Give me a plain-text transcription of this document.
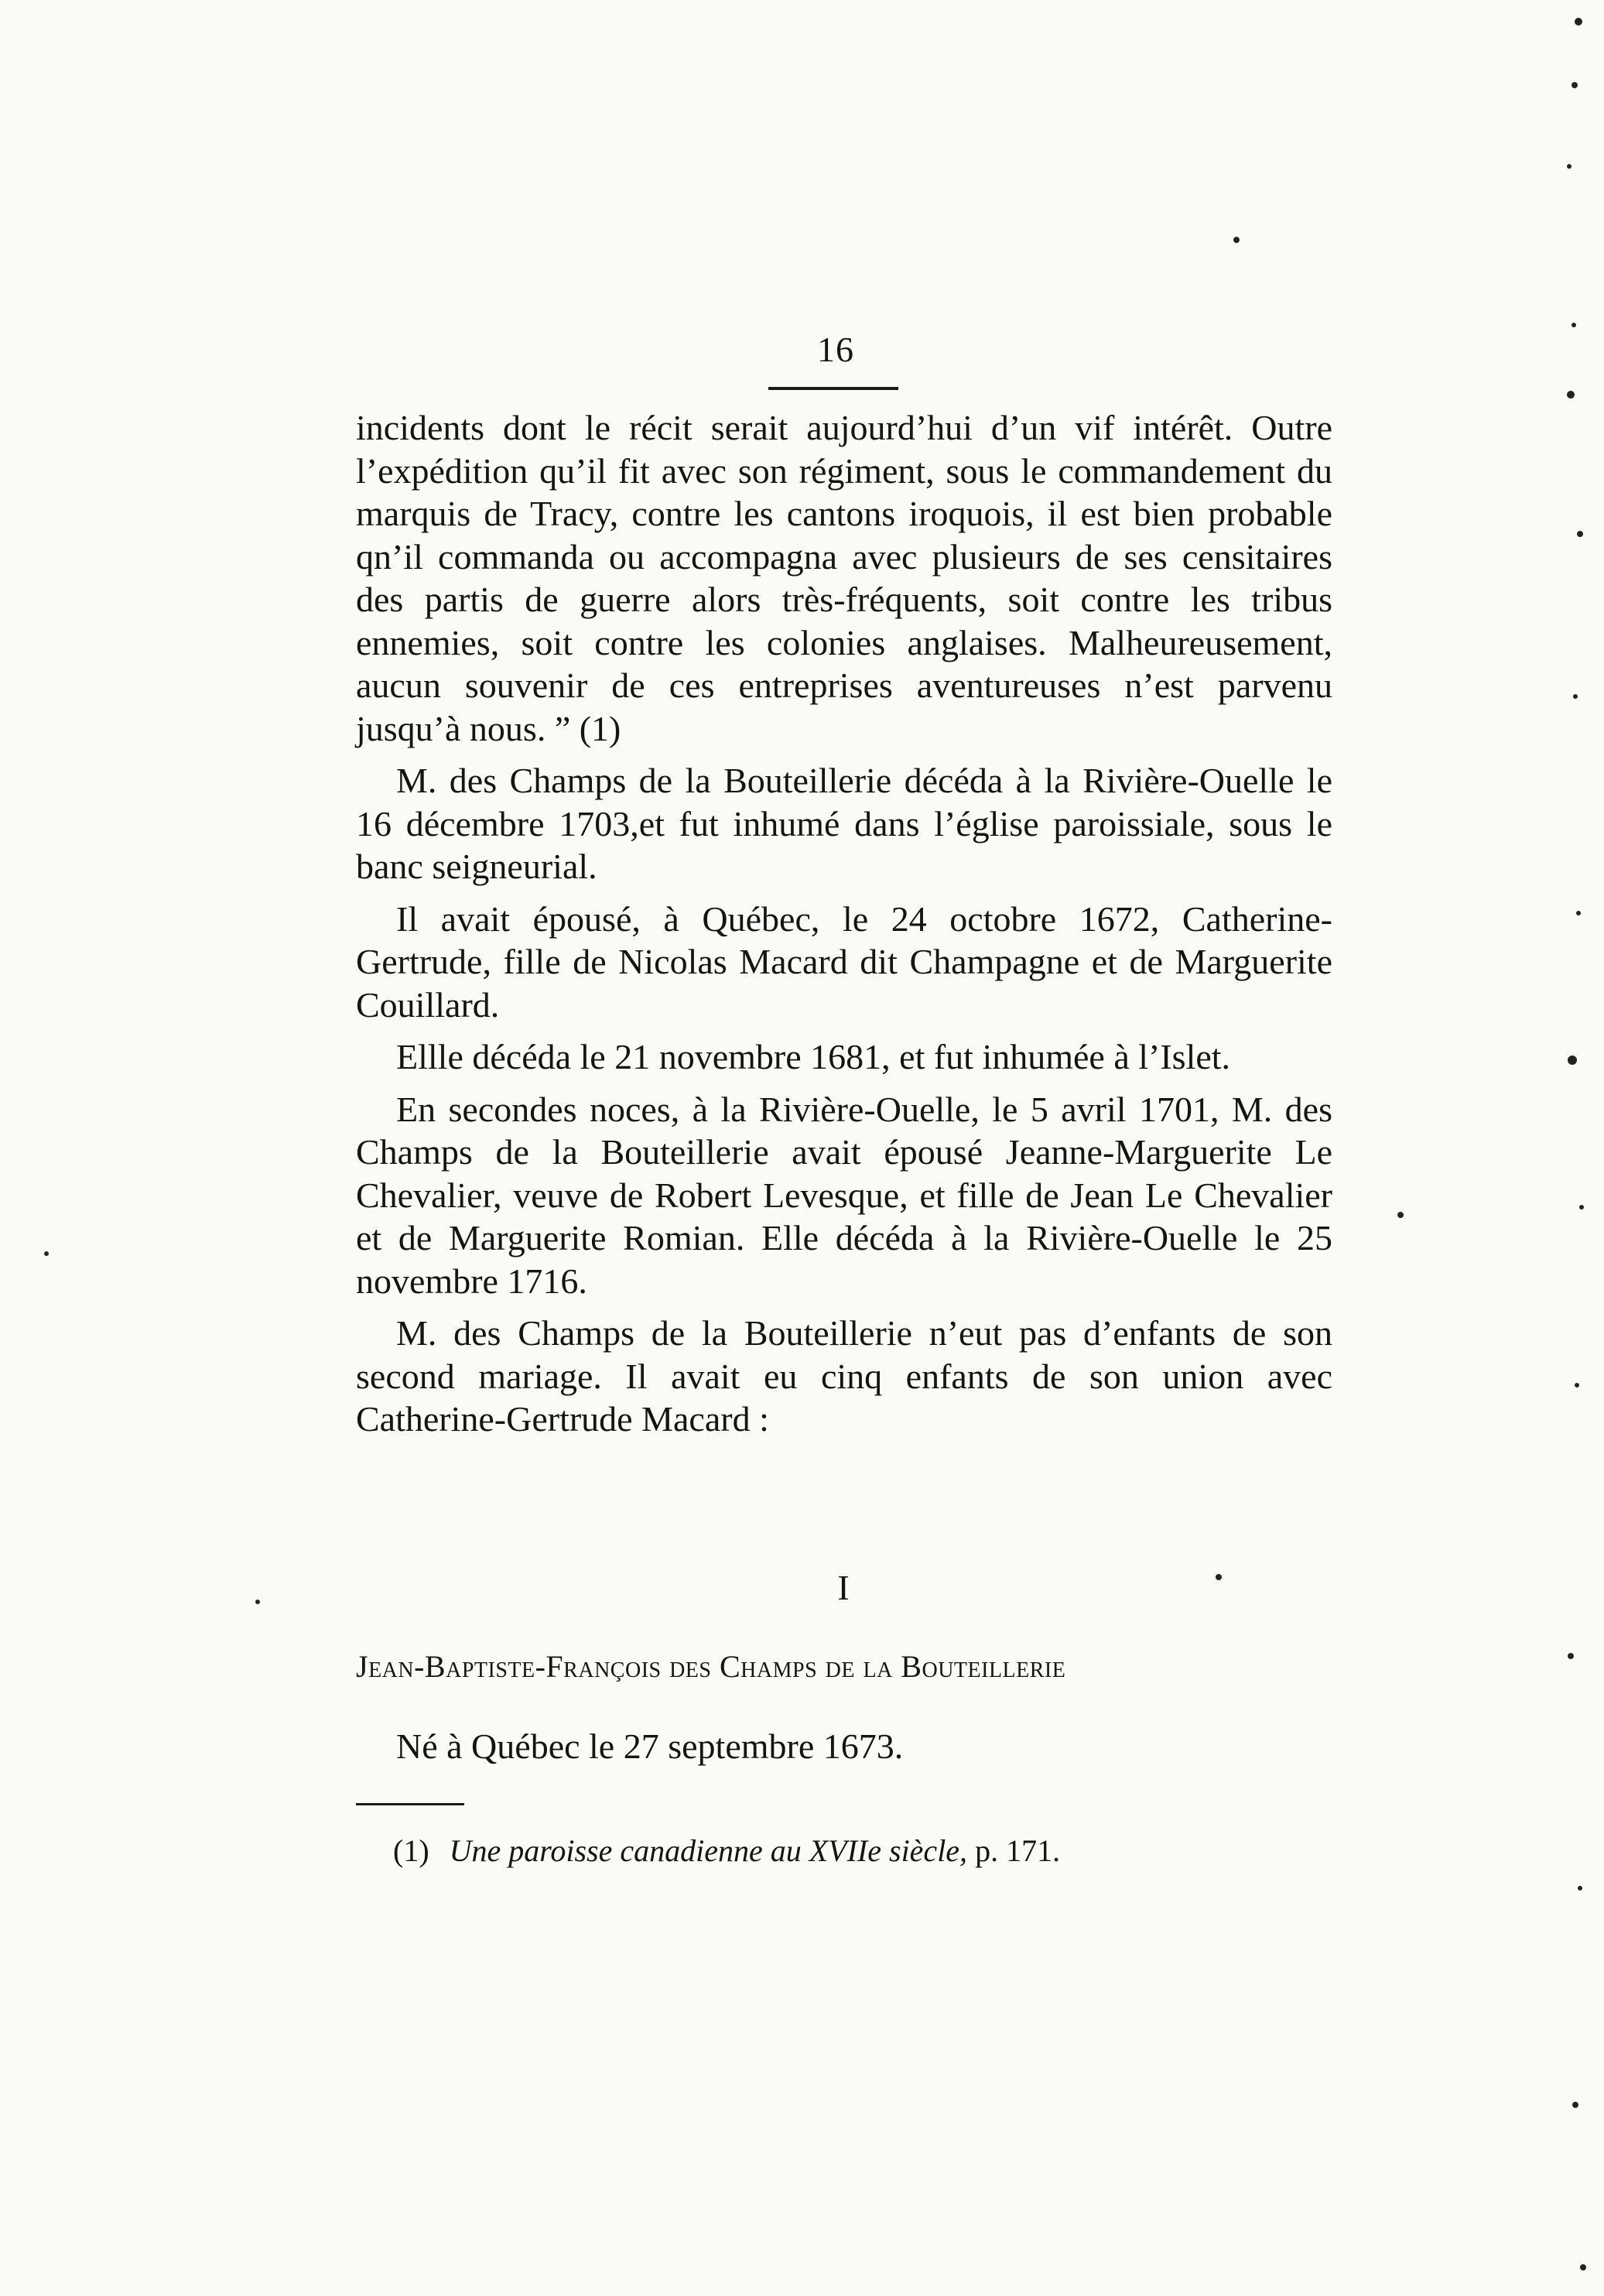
16

incidents dont le récit serait aujourd’hui d’un vif intérêt. Outre l’expédition qu’il fit avec son régiment, sous le commandement du marquis de Tracy, contre les cantons iroquois, il est bien probable qn’il commanda ou accompagna avec plusieurs de ses censitaires des partis de guerre alors très-fréquents, soit contre les tribus ennemies, soit contre les colonies anglaises. Malheureusement, aucun souvenir de ces entreprises aventureuses n’est parvenu jusqu’à nous. ” (1)

M. des Champs de la Bouteillerie décéda à la Rivière-Ouelle le 16 décembre 1703,et fut inhumé dans l’église paroissiale, sous le banc seigneurial.

Il avait épousé, à Québec, le 24 octobre 1672, Catherine-Gertrude, fille de Nicolas Macard dit Champagne et de Marguerite Couillard.

Ellle décéda le 21 novembre 1681, et fut inhumée à l’Islet.

En secondes noces, à la Rivière-Ouelle, le 5 avril 1701, M. des Champs de la Bouteillerie avait épousé Jeanne-Marguerite Le Chevalier, veuve de Robert Levesque, et fille de Jean Le Chevalier et de Marguerite Romian. Elle décéda à la Rivière-Ouelle le 25 novembre 1716.

M. des Champs de la Bouteillerie n’eut pas d’enfants de son second mariage. Il avait eu cinq enfants de son union avec Catherine-Gertrude Macard :

I
Jean-Baptiste-François des Champs de la Bouteillerie
Né à Québec le 27 septembre 1673.
(1) Une paroisse canadienne au XVIIe siècle, p. 171.
